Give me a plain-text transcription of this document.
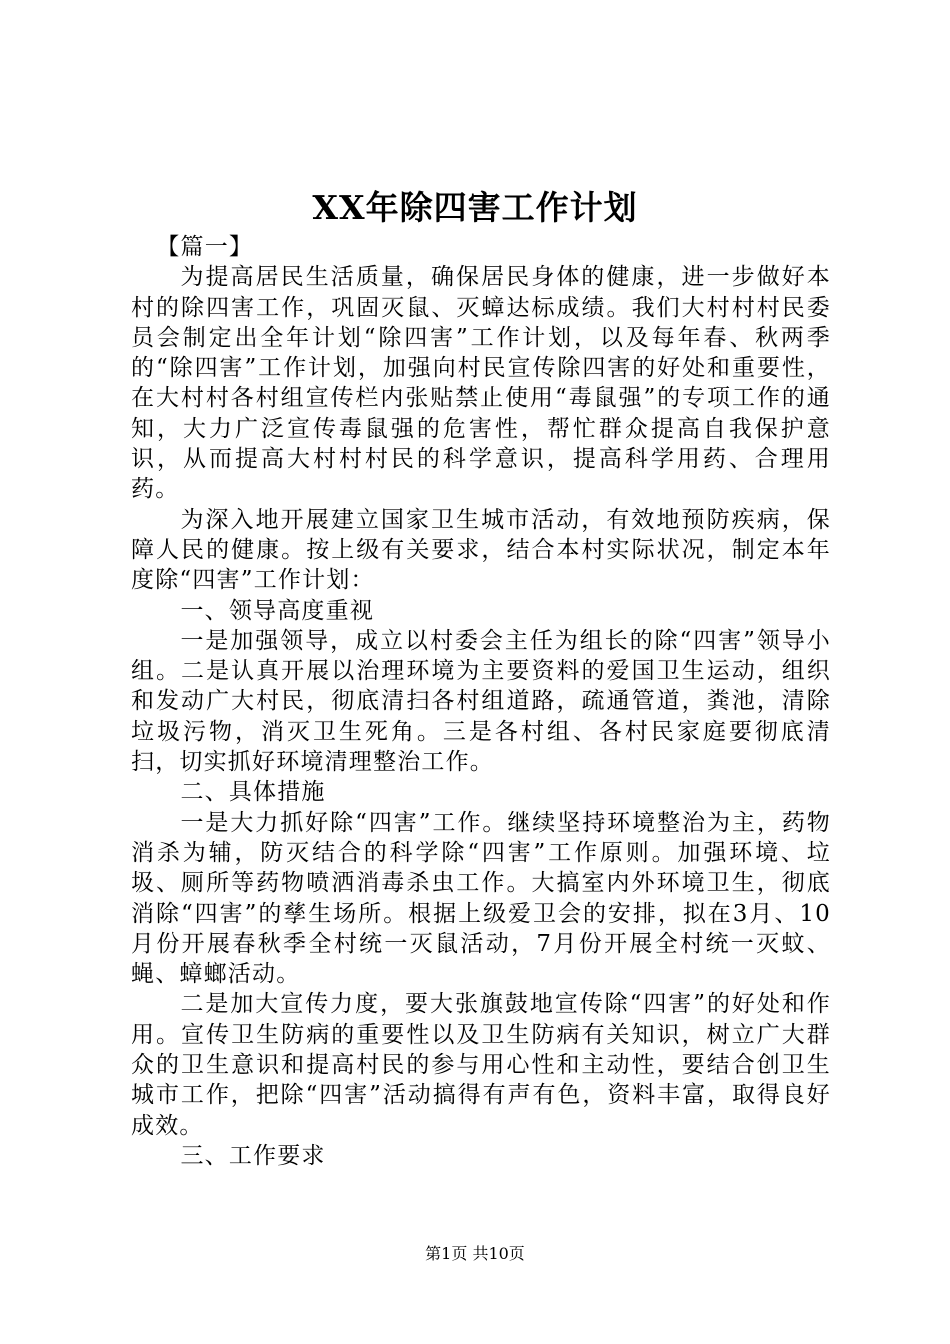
XX年除四害工作计划

【篇一】

为提高居民生活质量，确保居民身体的健康，进一步做好本村的除四害工作，巩固灭鼠、灭蟑达标成绩。我们大村村村民委员会制定出全年计划“除四害”工作计划，以及每年春、秋两季的“除四害”工作计划，加强向村民宣传除四害的好处和重要性，在大村村各村组宣传栏内张贴禁止使用“毒鼠强”的专项工作的通知，大力广泛宣传毒鼠强的危害性，帮忙群众提高自我保护意识，从而提高大村村村民的科学意识，提高科学用药、合理用药。

为深入地开展建立国家卫生城市活动，有效地预防疾病，保障人民的健康。按上级有关要求，结合本村实际状况，制定本年度除“四害”工作计划：

一、领导高度重视

一是加强领导，成立以村委会主任为组长的除“四害”领导小组。二是认真开展以治理环境为主要资料的爱国卫生运动，组织和发动广大村民，彻底清扫各村组道路，疏通管道，粪池，清除垃圾污物，消灭卫生死角。三是各村组、各村民家庭要彻底清扫，切实抓好环境清理整治工作。

二、具体措施

一是大力抓好除“四害”工作。继续坚持环境整治为主，药物消杀为辅，防灭结合的科学除“四害”工作原则。加强环境、垃圾、厕所等药物喷洒消毒杀虫工作。大搞室内外环境卫生，彻底消除“四害”的孳生场所。根据上级爱卫会的安排，拟在3月、10月份开展春秋季全村统一灭鼠活动，7月份开展全村统一灭蚊、蝇、蟑螂活动。

二是加大宣传力度，要大张旗鼓地宣传除“四害”的好处和作用。宣传卫生防病的重要性以及卫生防病有关知识，树立广大群众的卫生意识和提高村民的参与用心性和主动性，要结合创卫生城市工作，把除“四害”活动搞得有声有色，资料丰富，取得良好成效。

三、工作要求

第1页 共10页
